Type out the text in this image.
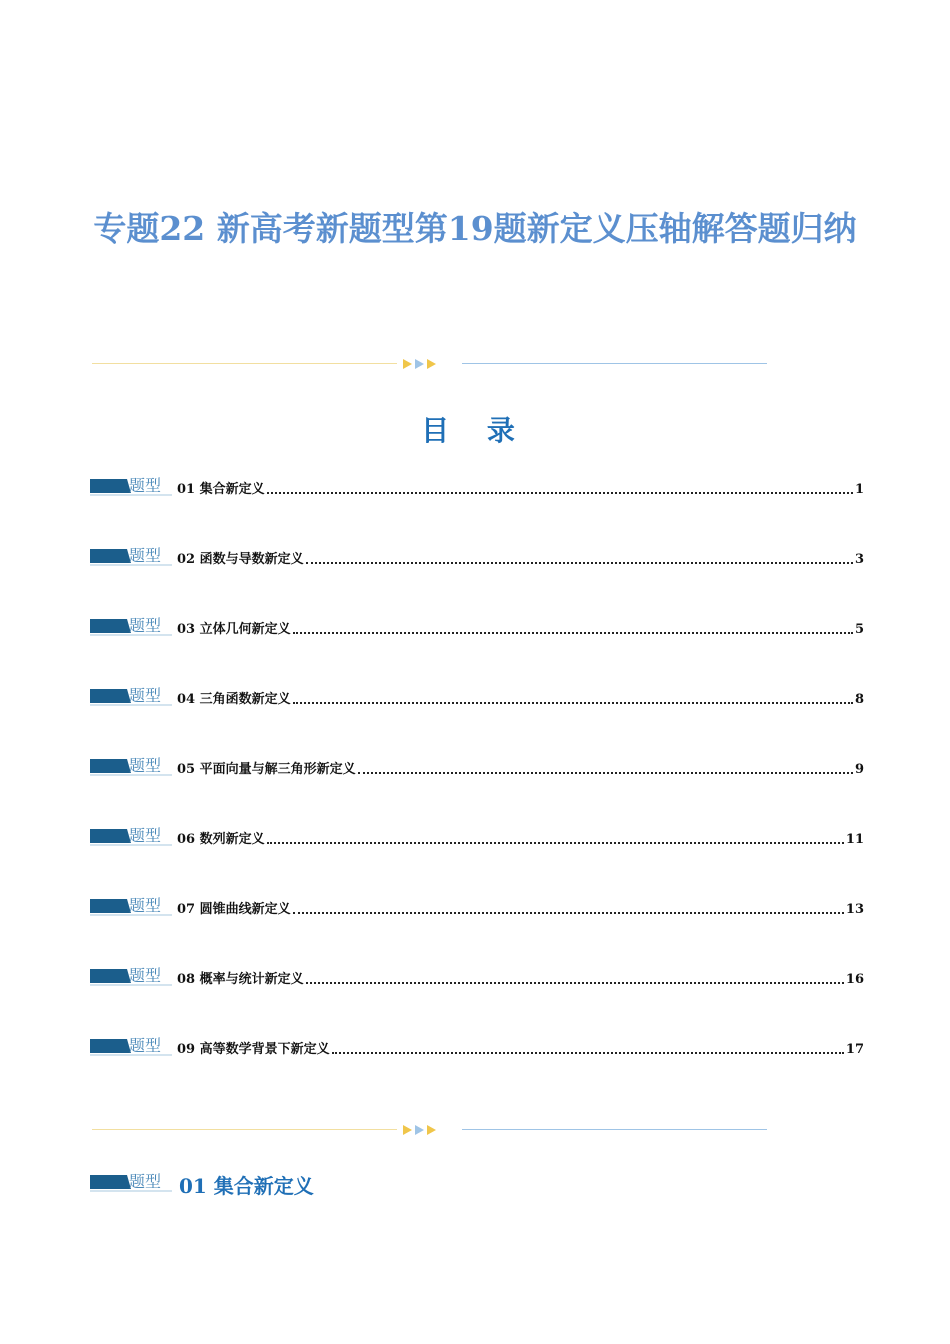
专题22 新高考新题型第19题新定义压轴解答题归纳
目 录
题型 01 集合新定义	1
题型 02 函数与导数新定义	3
题型 03 立体几何新定义	5
题型 04 三角函数新定义	8
题型 05 平面向量与解三角形新定义	9
题型 06 数列新定义	11
题型 07 圆锥曲线新定义	13
题型 08 概率与统计新定义	16
题型 09 高等数学背景下新定义	17
题型 01 集合新定义
